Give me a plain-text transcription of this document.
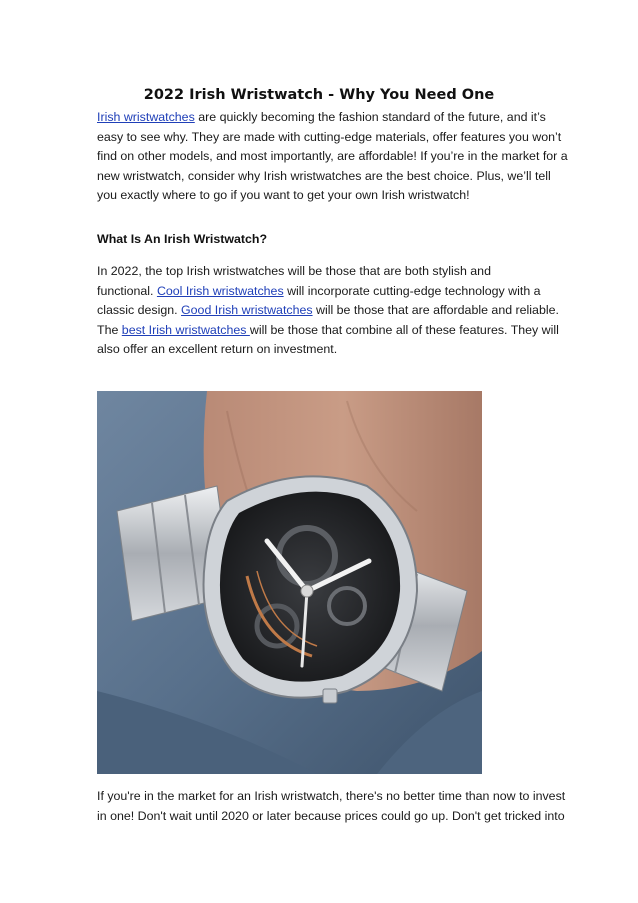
2022 Irish Wristwatch - Why You Need One

Irish wristwatches are quickly becoming the fashion standard of the future, and it’s
easy to see why. They are made with cutting-edge materials, offer features you won’t
find on other models, and most importantly, are affordable! If you’re in the market for a
new wristwatch, consider why Irish wristwatches are the best choice. Plus, we’ll tell
you exactly where to go if you want to get your own Irish wristwatch!

What Is An Irish Wristwatch?

In 2022, the top Irish wristwatches will be those that are both stylish and
functional. Cool Irish wristwatches will incorporate cutting-edge technology with a
classic design. Good Irish wristwatches will be those that are affordable and reliable.
The best Irish wristwatches will be those that combine all of these features. They will
also offer an excellent return on investment.

If you're in the market for an Irish wristwatch, there's no better time than now to invest
in one! Don't wait until 2020 or later because prices could go up. Don't get tricked into
